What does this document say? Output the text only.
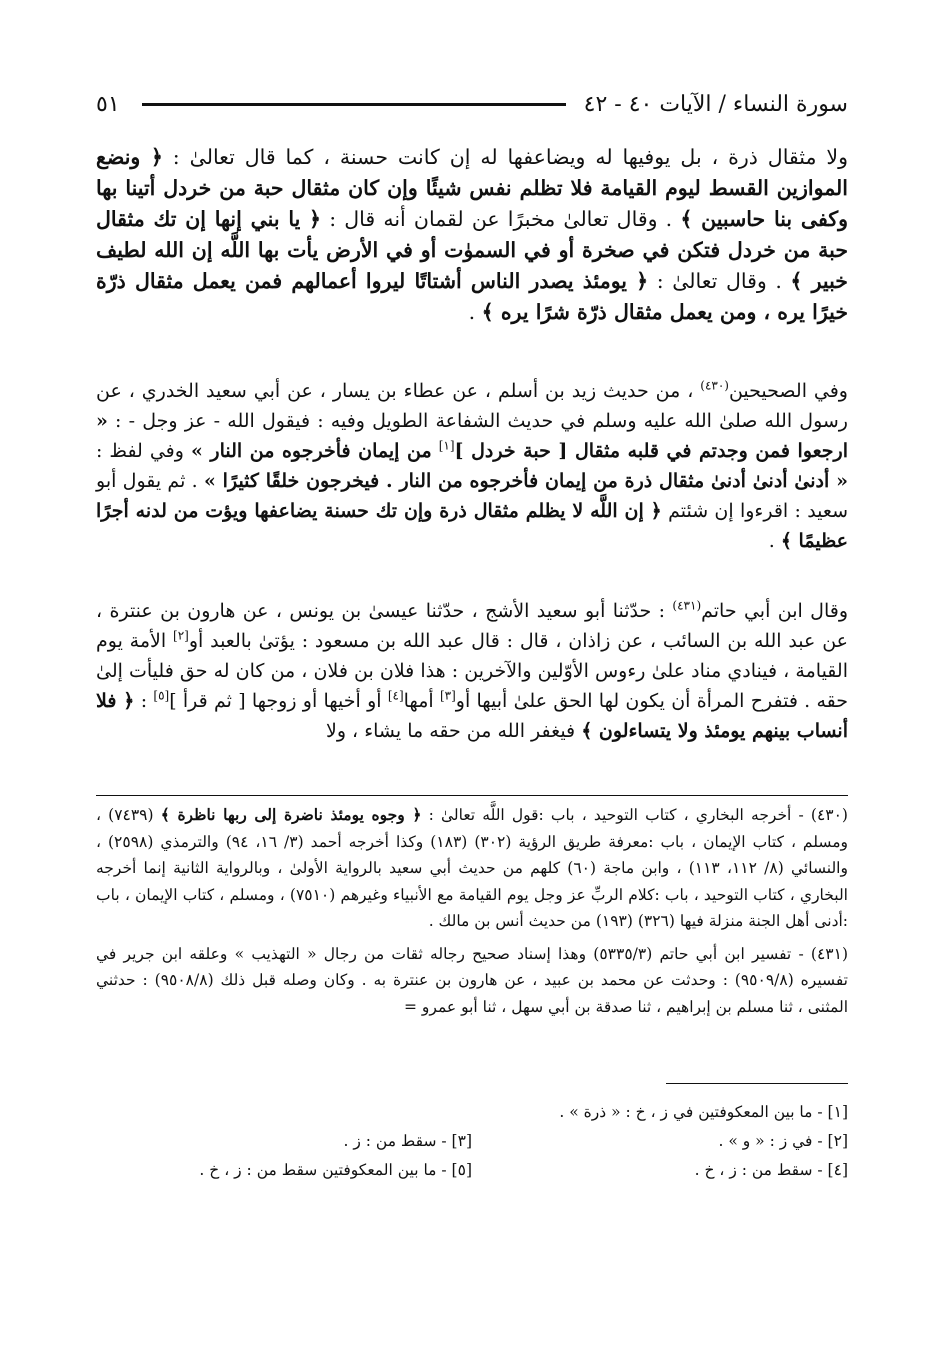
سورة النساء / الآيات ٤٠ - ٤٢
٥١
ولا مثقال ذرة ، بل يوفيها له ويضاعفها له إن كانت حسنة ، كما قال تعالىٰ : ﴿ ونضع الموازين القسط ليوم القيامة فلا تظلم نفس شيئًا وإن كان مثقال حبة من خردل أتينا بها وكفى بنا حاسبين ﴾ . وقال تعالىٰ مخبرًا عن لقمان أنه قال : ﴿ يا بني إنها إن تك مثقال حبة من خردل فتكن في صخرة أو في السموٰت أو في الأرض يأت بها اللَّه إن الله لطيف خبير ﴾ . وقال تعالىٰ : ﴿ يومئذ يصدر الناس أشتاتًا ليروا أعمالهم فمن يعمل مثقال ذرّة خيرًا يره ، ومن يعمل مثقال ذرّة شرًا يره ﴾ .
وفي الصحيحين$^{(٤٣٠)}$ ، من حديث زيد بن أسلم ، عن عطاء بن يسار ، عن أبي سعيد الخدري ، عن رسول الله صلىٰ الله عليه وسلم في حديث الشفاعة الطويل وفيه : فيقول الله - عز وجل - : « ارجعوا فمن وجدتم في قلبه مثقال [ حبة خردل ][١] من إيمان فأخرجوه من النار » وفي لفظ : « أدنىٰ أدنىٰ أدنىٰ مثقال ذرة من إيمان فأخرجوه من النار . فيخرجون خلقًا كثيرًا » . ثم يقول أبو سعيد : اقرءوا إن شئتم ﴿ إن اللَّه لا يظلم مثقال ذرة وإن تك حسنة يضاعفها ويؤت من لدنه أجرًا عظيمًا ﴾ .
وقال ابن أبي حاتم$^{(٤٣١)}$ : حدّثنا أبو سعيد الأشج ، حدّثنا عيسىٰ بن يونس ، عن هارون بن عنترة ، عن عبد الله بن السائب ، عن زاذان ، قال : قال عبد الله بن مسعود : يؤتىٰ بالعبد أو[٢] الأمة يوم القيامة ، فينادي مناد علىٰ رءوس الأوّلين والآخرين : هذا فلان بن فلان ، من كان له حق فليأت إلىٰ حقه . فتفرح المرأة أن يكون لها الحق علىٰ أبيها أو[٣] أمها[٤] أو أخيها أو زوجها [ ثم قرأ ][٥] : ﴿ فلا أنساب بينهم يومئذ ولا يتساءلون ﴾ فيغفر الله من حقه ما يشاء ، ولا
(٤٣٠) - أخرجه البخاري ، كتاب التوحيد ، باب :قول اللَّه تعالىٰ : ﴿ وجوه يومئذ ناضرة إلى ربها ناظرة ﴾ (٧٤٣٩) ، ومسلم ، كتاب الإيمان ، باب :معرفة طريق الرؤية (٣٠٢) (١٨٣) وكذا أخرجه أحمد (٣/ ١٦، ٩٤) والترمذي (٢٥٩٨) ، والنسائي (٨/ ١١٢، ١١٣) ، وابن ماجة (٦٠) كلهم من حديث أبي سعيد بالرواية الأولىٰ ، وبالرواية الثانية إنما أخرجه البخاري ، كتاب التوحيد ، باب :كلام الربِّ عز وجل يوم القيامة مع الأنبياء وغيرهم (٧٥١٠) ، ومسلم ، كتاب الإيمان ، باب :أدنى أهل الجنة منزلة فيها (٣٢٦) (١٩٣) من حديث أنس بن مالك .
(٤٣١) - تفسير ابن أبي حاتم (٥٣٣٥/٣) وهذا إسناد صحيح رجاله ثقات من رجال « التهذيب » وعلقه ابن جرير في تفسيره (٩٥٠٩/٨) : وحدثت عن محمد بن عبيد ، عن هارون بن عنترة به . وكان وصله قبل ذلك (٩٥٠٨/٨) : حدثني المثنى ، ثنا مسلم بن إبراهيم ، ثنا صدقة بن أبي سهل ، ثنا أبو عمرو =
[١] - ما بين المعكوفتين في ز ، خ : « ذرة » .
[٢] - في ز : « و » .
[٣] - سقط من : ز .
[٤] - سقط من : ز ، خ .
[٥] - ما بين المعكوفتين سقط من : ز ، خ .
